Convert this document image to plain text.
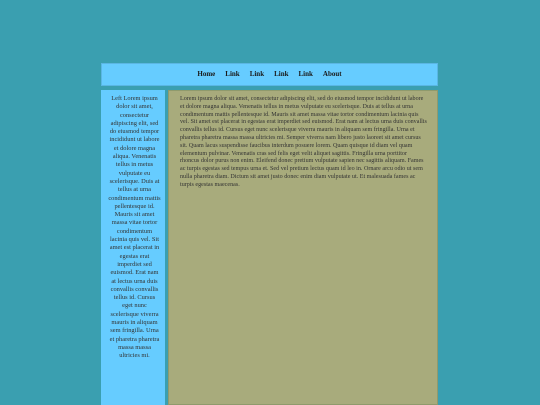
Home	Link	Link	Link	Link	About
Left Lorem ipsum dolor sit amet, consectetur adipiscing elit, sed do eiusmod tempor incididunt ut labore et dolore magna aliqua. Venenatis tellus in metus vulputate eu scelerisque. Duis at tellus at urna condimentum mattis pellentesque id. Mauris sit amet massa vitae tortor condimentum lacinia quis vel. Sit amet est placerat in egestas erat imperdiet sed euismod. Erat nam at lectus urna duis convallis convallis tellus id. Cursus eget nunc scelerisque viverra mauris in aliquam sem fringilla. Urna et pharetra pharetra massa massa ultricies mi.

Lorem ipsum dolor sit amet, consectetur adipiscing elit, sed do eiusmod tempor incididunt ut labore et dolore magna aliqua. Venenatis tellus in metus vulputate eu scelerisque. Duis at tellus at urna condimentum mattis pellentesque id. Mauris sit amet massa vitae tortor condimentum lacinia quis vel. Sit amet est placerat in egestas erat imperdiet sed euismod. Erat nam at lectus urna duis convallis convallis tellus id. Cursus eget nunc scelerisque viverra mauris in aliquam sem fringilla. Urna et pharetra pharetra massa massa ultricies mi. Semper viverra nam libero justo laoreet sit amet cursus sit. Quam lacus suspendisse faucibus interdum posuere lorem. Quam quisque id diam vel quam elementum pulvinar. Venenatis cras sed felis eget velit aliquet sagittis. Fringilla urna porttitor rhoncus dolor purus non enim. Eleifend donec pretium vulputate sapien nec sagittis aliquam. Fames ac turpis egestas sed tempus urna et. Sed vel pretium lectus quam id leo in. Ornare arcu odio ut sem nulla pharetra diam. Dictum sit amet justo donec enim diam vulputate ut. Et malesuada fames ac turpis egestas maecenas.
